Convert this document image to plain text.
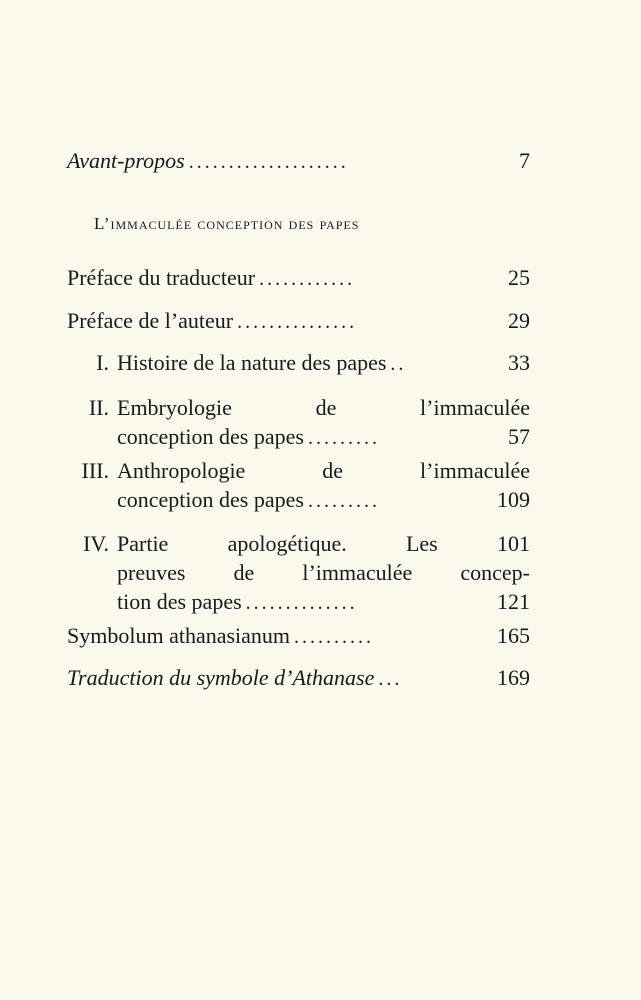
Avant-propos ....................	7
L’immaculée conception des papes
Préface du traducteur ............	25
Préface de l’auteur ...............	29
I. Histoire de la nature des papes ..	33
II. Embryologie de l’immaculée
conception des papes .........	57
III. Anthropologie de l’immaculée
conception des papes .........	109
IV. Partie apologétique. Les 101
preuves de l’immaculée concep-
tion des papes ..............	121
Symbolum athanasianum ..........	165
Traduction du symbole d’Athanase ...	169
